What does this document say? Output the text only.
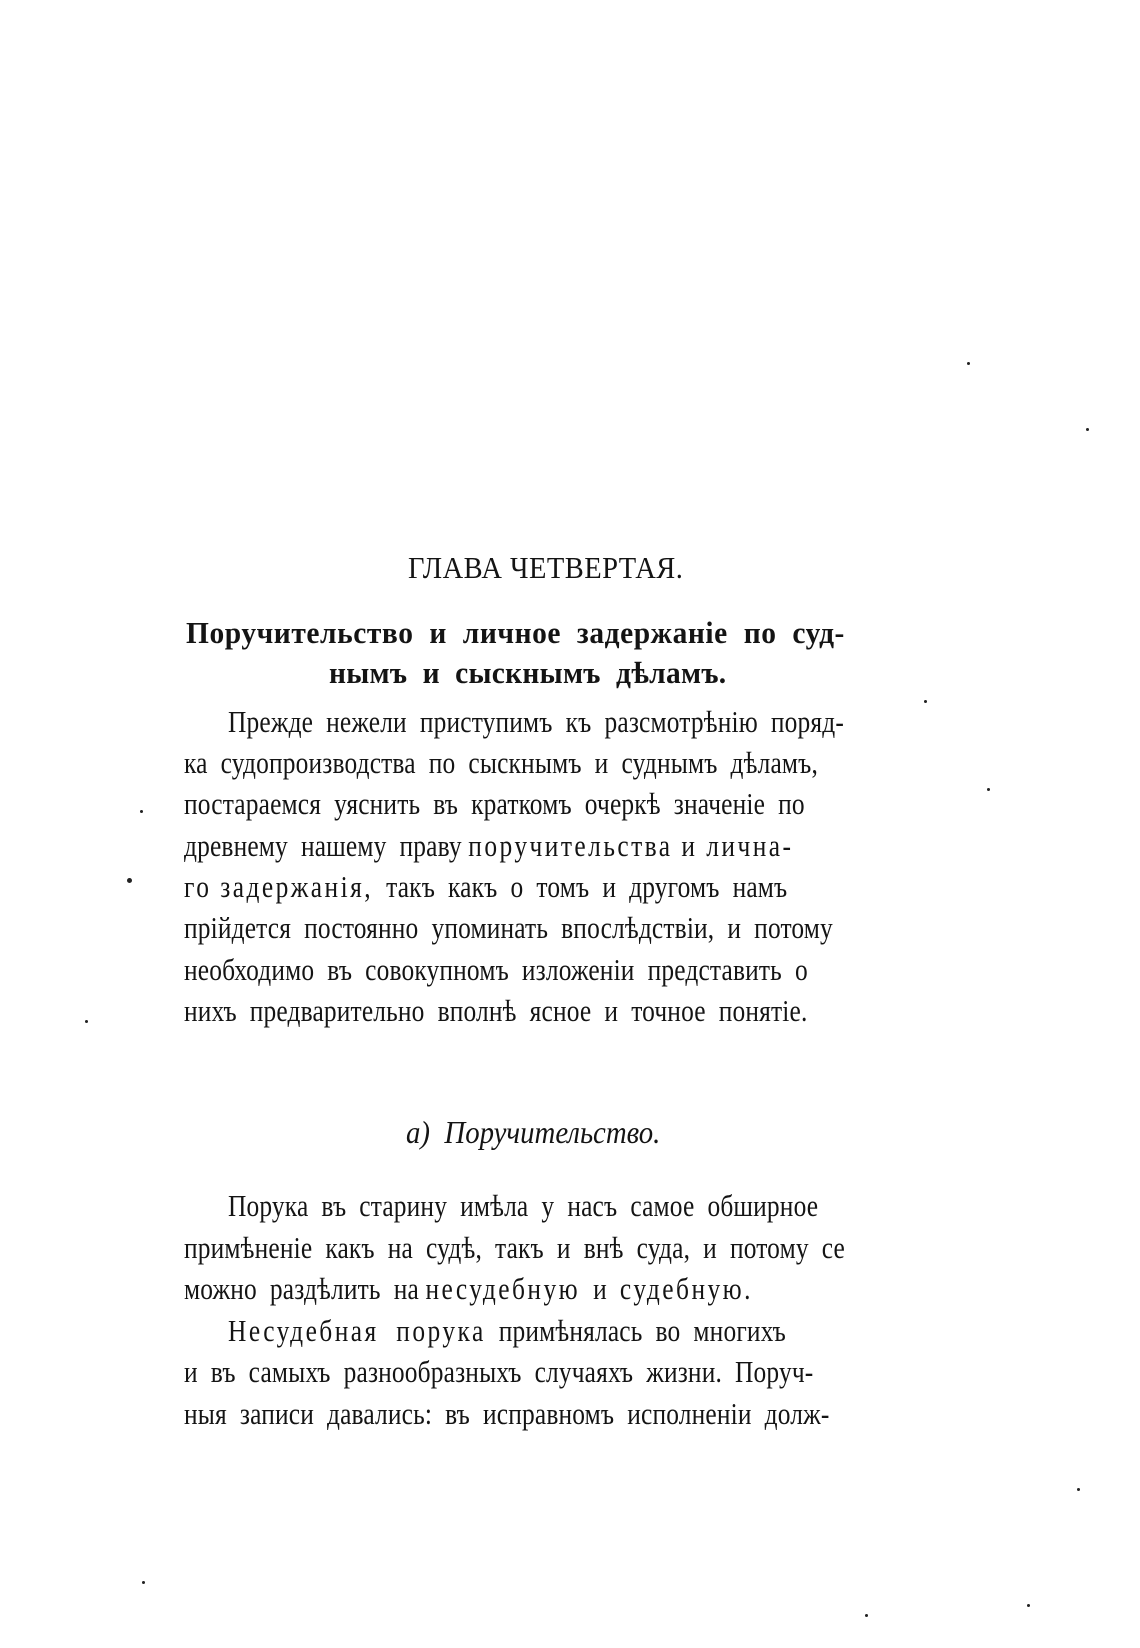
ГЛАВА ЧЕТВЕРТАЯ.
Поручительство  и  личное  задержаніе  по  суд-
нымъ  и  сыскнымъ  дѣламъ.
Прежде  нежели  приступимъ  къ  разсмотрѣнію  поряд-
ка  судопроизводства  по  сыскнымъ  и  суднымъ  дѣламъ,
постараемся  уяснить  въ  краткомъ  очеркѣ  значеніе  по
древнему  нашему  праву поручительства и лична-
го задержанія,  такъ  какъ  о  томъ  и  другомъ  намъ
прійдется  постоянно  упоминать  впослѣдствіи,  и  потому
необходимо  въ  совокупномъ  изложеніи  представить  о
нихъ  предварительно  вполнѣ  ясное  и  точное  понятіе.
а)  Поручительство.
Порука  въ  старину  имѣла  у  насъ  самое  обширное
примѣненіе  какъ  на  судѣ,  такъ  и  внѣ  суда,  и  потому  се
можно  раздѣлить  на несудебную  и  судебную.
Несудебная  порука  примѣнялась  во  многихъ
и  въ  самыхъ  разнообразныхъ  случаяхъ  жизни.  Поруч-
ныя  записи  давались:  въ  исправномъ  исполненіи  долж-
